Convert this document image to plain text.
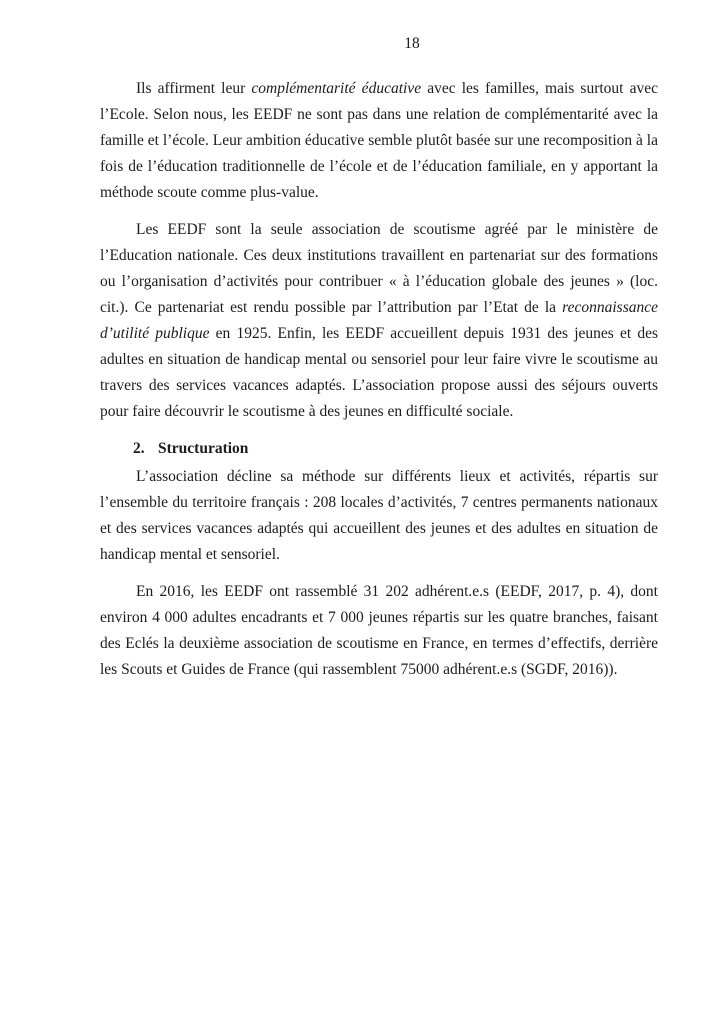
18

Ils affirment leur complémentarité éducative avec les familles, mais surtout avec l’Ecole. Selon nous, les EEDF ne sont pas dans une relation de complémentarité avec la famille et l’école. Leur ambition éducative semble plutôt basée sur une recomposition à la fois de l’éducation traditionnelle de l’école et de l’éducation familiale, en y apportant la méthode scoute comme plus-value.

Les EEDF sont la seule association de scoutisme agréé par le ministère de l’Education nationale. Ces deux institutions travaillent en partenariat sur des formations ou l’organisation d’activités pour contribuer « à l’éducation globale des jeunes » (loc. cit.). Ce partenariat est rendu possible par l’attribution par l’Etat de la reconnaissance d’utilité publique en 1925. Enfin, les EEDF accueillent depuis 1931 des jeunes et des adultes en situation de handicap mental ou sensoriel pour leur faire vivre le scoutisme au travers des services vacances adaptés. L’association propose aussi des séjours ouverts pour faire découvrir le scoutisme à des jeunes en difficulté sociale.

2. Structuration

L’association décline sa méthode sur différents lieux et activités, répartis sur l’ensemble du territoire français : 208 locales d’activités, 7 centres permanents nationaux et des services vacances adaptés qui accueillent des jeunes et des adultes en situation de handicap mental et sensoriel.

En 2016, les EEDF ont rassemblé 31 202 adhérent.e.s (EEDF, 2017, p. 4), dont environ 4 000 adultes encadrants et 7 000 jeunes répartis sur les quatre branches, faisant des Eclés la deuxième association de scoutisme en France, en termes d’effectifs, derrière les Scouts et Guides de France (qui rassemblent 75000 adhérent.e.s (SGDF, 2016)).
